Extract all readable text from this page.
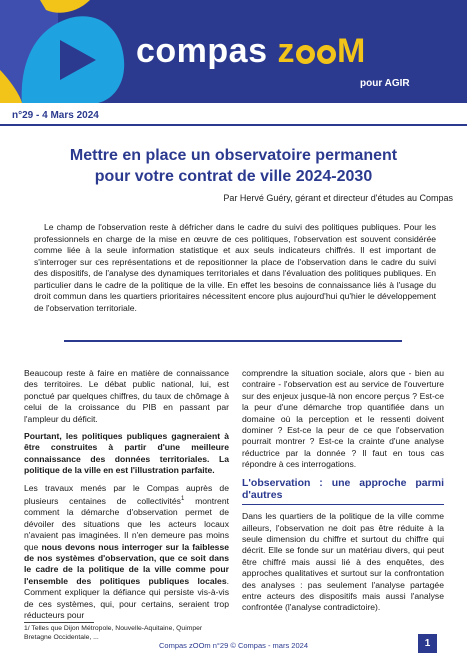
compas z M
pour AGIR
n°29 - 4 Mars 2024
Mettre en place un observatoire permanent
pour votre contrat de ville 2024-2030
Par Hervé Guéry, gérant et directeur d'études au Compas
Le champ de l'observation reste à défricher dans le cadre du suivi des politiques publiques. Pour les professionnels en charge de la mise en œuvre de ces politiques, l'observation est souvent considérée comme liée à la seule information statistique et aux seuls indicateurs chiffrés. Il est important de s'interroger sur ces représentations et de repositionner la place de l'observation dans le cadre du suivi des dispositifs, de l'analyse des dynamiques territoriales et dans l'évaluation des politiques publiques. En particulier dans le cadre de la politique de la ville. En effet les besoins de connaissance liés à l'usage du droit commun dans les quartiers prioritaires nécessitent encore plus aujourd'hui qu'hier le développement de l'observation territoriale.

Beaucoup reste à faire en matière de connaissance des territoires. Le débat public national, lui, est ponctué par quelques chiffres, du taux de chômage à celui de la croissance du PIB en passant par l'ampleur du déficit.

Pourtant, les politiques publiques gagneraient à être construites à partir d'une meilleure connaissance des données territoriales. La politique de la ville en est l'illustration parfaite.

Les travaux menés par le Compas auprès de plusieurs centaines de collectivités$^1$ montrent comment la démarche d'observation permet de dévoiler des situations que les acteurs locaux n'avaient pas imaginées. Il n'en demeure pas moins que nous devons nous interroger sur la faiblesse de nos systèmes d'observation, que ce soit dans le cadre de la politique de la ville comme pour l'ensemble des politiques publiques locales. Comment expliquer la défiance qui persiste vis-à-vis de ces systèmes, qui, pour certains, seraient trop réducteurs pour

comprendre la situation sociale, alors que - bien au contraire - l'observation est au service de l'ouverture sur des enjeux jusque-là non encore perçus ? Est-ce la peur d'une démarche trop quantifiée dans un domaine où la perception et le ressenti doivent dominer ? Est-ce la peur de ce que l'observation pourrait montrer ? Est-ce la crainte d'une analyse réductrice par la donnée ? Il faut en tous cas répondre à ces interrogations.

L'observation : une approche parmi d'autres

Dans les quartiers de la politique de la ville comme ailleurs, l'observation ne doit pas être réduite à la seule dimension du chiffre et surtout du chiffre qui décrit. Elle se fonde sur un matériau divers, qui peut être chiffré mais aussi lié à des enquêtes, des approches qualitatives et surtout sur la confrontation des analyses : pas seulement l'analyse partagée entre acteurs des dispositifs mais aussi l'analyse confrontée (l'analyse contradictoire).

1/ Telles que Dijon Métropole, Nouvelle-Aquitaine, Quimper Bretagne Occidentale, ...
Compas zOOm n°29 © Compas - mars 2024	1
